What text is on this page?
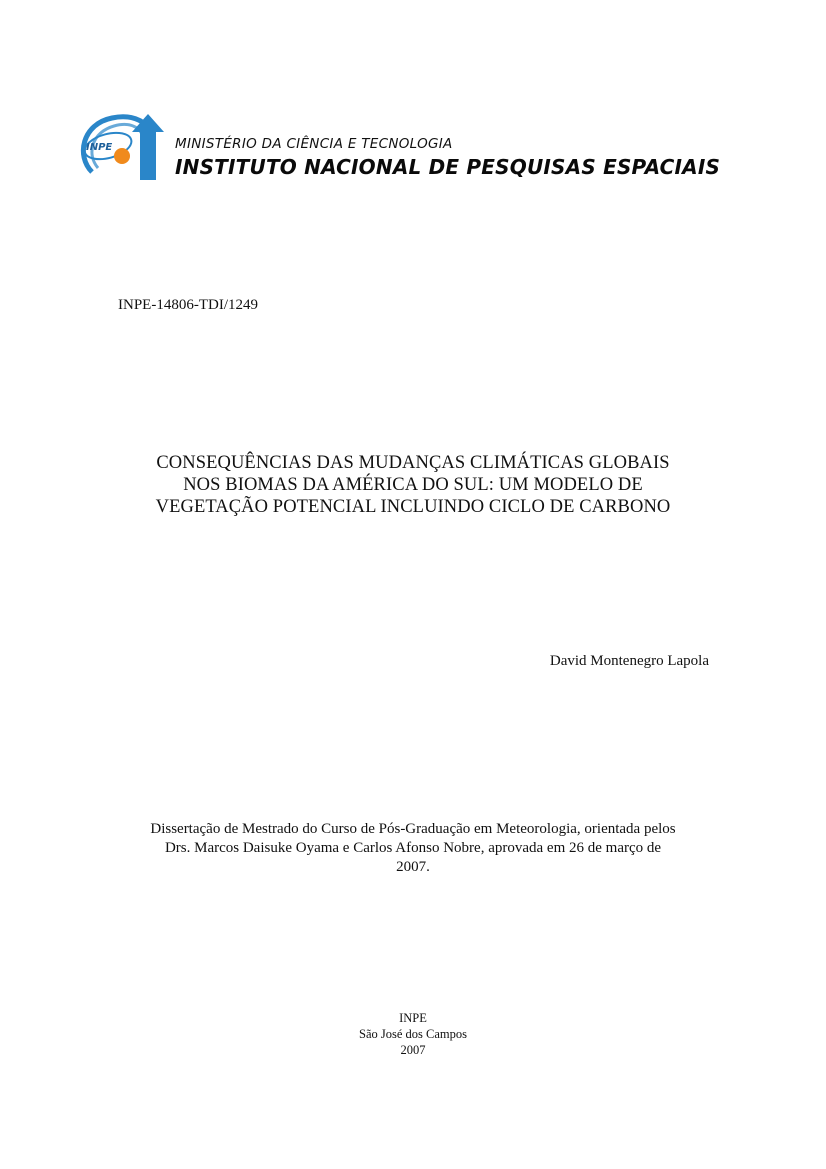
INPE	MINISTÉRIO DA CIÊNCIA E TECNOLOGIA
INSTITUTO NACIONAL DE PESQUISAS ESPACIAIS
INPE-14806-TDI/1249
CONSEQUÊNCIAS DAS MUDANÇAS CLIMÁTICAS GLOBAIS
NOS BIOMAS DA AMÉRICA DO SUL: UM MODELO DE
VEGETAÇÃO POTENCIAL INCLUINDO CICLO DE CARBONO
David Montenegro Lapola
Dissertação de Mestrado do Curso de Pós-Graduação em Meteorologia, orientada pelos
Drs. Marcos Daisuke Oyama e Carlos Afonso Nobre, aprovada em 26 de março de
2007.
INPE
São José dos Campos
2007
